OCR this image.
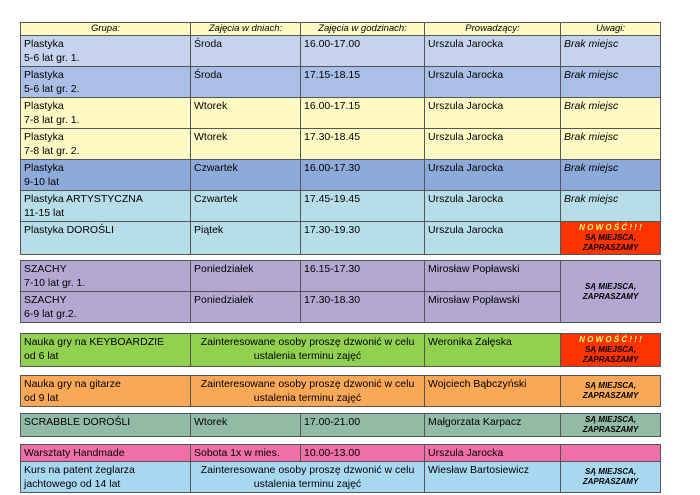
Grupa:	Zajęcia w dniach:	Zajęcia w godzinach:	Prowadzący:	Uwagi:

Plastyka
5-6 lat gr. 1.	Środa	16.00-17.00	Urszula Jarocka	Brak miejsc

Plastyka
5-6 lat gr. 2.	Środa	17.15-18.15	Urszula Jarocka	Brak miejsc

Plastyka
7-8 lat gr. 1.	Wtorek	16.00-17.15	Urszula Jarocka	Brak miejsc

Plastyka
7-8 lat gr. 2.	Wtorek	17.30-18.45	Urszula Jarocka	Brak miejsc

Plastyka
9-10 lat	Czwartek	16.00-17.30	Urszula Jarocka	Brak miejsc

Plastyka ARTYSTYCZNA
11-15 lat	Czwartek	17.45-19.45	Urszula Jarocka	Brak miejsc
Plastyka DOROŚLI	Piątek	17.30-19.30	Urszula Jarocka	N O W O Ś Ć ! ! !
SĄ MIEJSCA,
ZAPRASZAMY

SZACHY
7-10 lat gr. 1.	Poniedziałek	16.15-17.30	Mirosław Popławski	SĄ MIEJSCA,
ZAPRASZAMY

SZACHY
6-9 lat gr.2.	Poniedziałek	17.30-18.30	Mirosław Popławski	

Nauka gry na KEYBOARDZIE
od 6 lat	Zainteresowane osoby proszę dzwonić w celu
ustalenia terminu zajęć		Weronika Załęska	N O W O Ś Ć ! ! !
SĄ MIEJSCA,
ZAPRASZAMY

Nauka gry na gitarze
od 9 lat	Zainteresowane osoby proszę dzwonić w celu
ustalenia terminu zajęć		Wojciech Bąbczyński	SĄ MIEJSCA,
ZAPRASZAMY

SCRABBLE DOROŚLI	Wtorek	17.00-21.00	Małgorzata Karpacz	SĄ MIEJSCA,
ZAPRASZAMY

Warsztaty Handmade	Sobota 1x w mies.	10.00-13.00	Urszula Jarocka	

Kurs na patent żeglarza
jachtowego od 14 lat	Zainteresowane osoby proszę dzwonić w celu
ustalenia terminu zajęć		Wiesław Bartosiewicz	SĄ MIEJSCA,
ZAPRASZAMY
